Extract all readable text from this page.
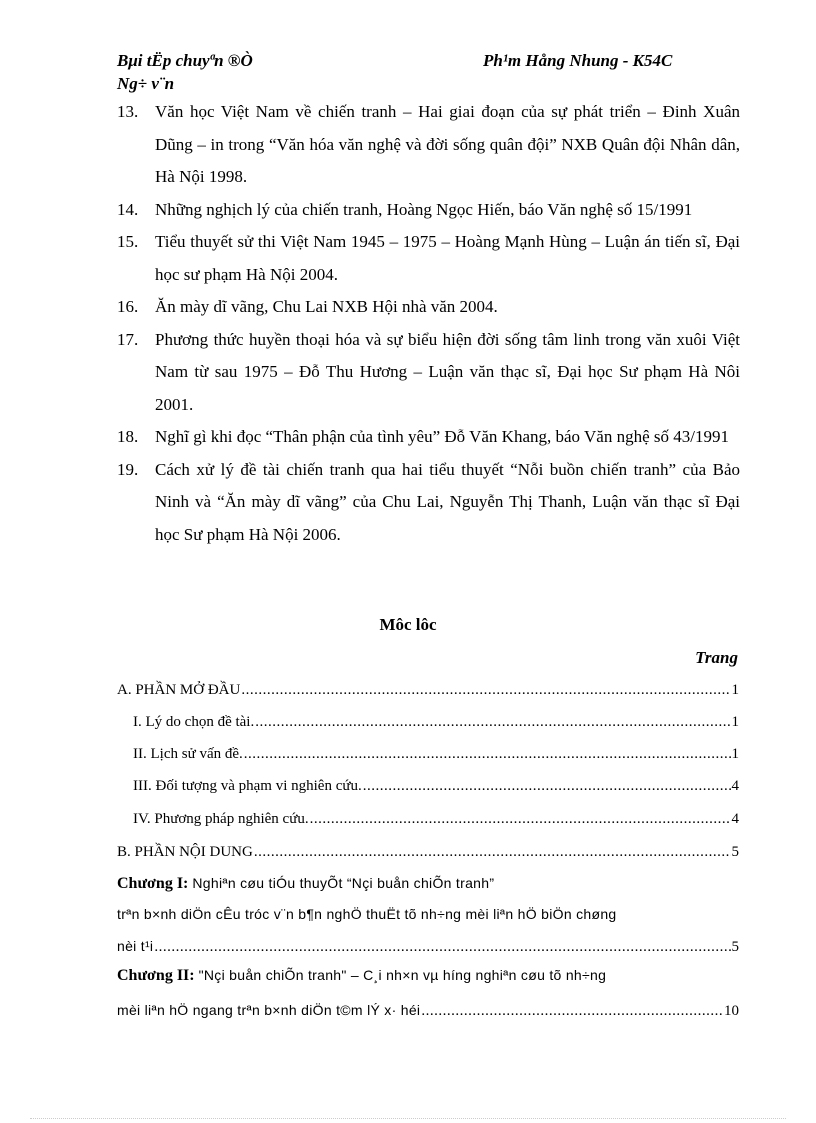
Bμi tËp chuyªn ®Ò
Ng÷ v¨n
Ph¹m Hång Nhung - K54C
13. Văn học Việt Nam về chiến tranh – Hai giai đoạn của sự phát triển – Đinh Xuân Dũng – in trong “Văn hóa văn nghệ và đời sống quân đội” NXB Quân đội Nhân dân, Hà Nội 1998.
14. Những nghịch lý của chiến tranh, Hoàng Ngọc Hiến, báo Văn nghệ số 15/1991
15. Tiểu thuyết sử thi Việt Nam 1945 – 1975 – Hoàng Mạnh Hùng – Luận án tiến sĩ, Đại học sư phạm Hà Nội 2004.
16. Ăn mày dĩ vãng, Chu Lai NXB Hội nhà văn 2004.
17. Phương thức huyền thoại hóa và sự biểu hiện đời sống tâm linh trong văn xuôi Việt Nam từ sau 1975 – Đỗ Thu Hương – Luận văn thạc sĩ, Đại học Sư phạm Hà Nôi 2001.
18. Nghĩ gì khi đọc “Thân phận của tình yêu” Đỗ Văn Khang, báo Văn nghệ số 43/1991
19. Cách xử lý đề tài chiến tranh qua hai tiểu thuyết “Nỗi buồn chiến tranh” của Bảo Ninh và “Ăn mày dĩ vãng” của Chu Lai, Nguyễn Thị Thanh, Luận văn thạc sĩ Đại học Sư phạm Hà Nội 2006.
Môc lôc
Trang
A. PHẦN MỞ ĐẦU .....	1
I. Lý do chọn đề tài. .....	1
II. Lịch sử vấn đề. .....	1
III. Đối tượng và phạm vi nghiên cứu. .....	4
IV. Phương pháp nghiên cứu. .....	4
B. PHẦN NỘI DUNG .....	5
Chương I: Nghiªn cøu tiÓu thuyÕt “Nçi buån chiÕn tranh”
trªn b×nh diÖn cÊu tróc v¨n b¶n nghÖ thuËt tõ nh÷ng mèi liªn hÖ biÖn chøng
nèi t¹i .....	5
Chương II: "Nçi buån chiÕn tranh" – C¸i nh×n vµ híng nghiªn cøu tõ nh÷ng
mèi liªn hÖ ngang trªn b×nh diÖn t©m lÝ x· héi .....	10
